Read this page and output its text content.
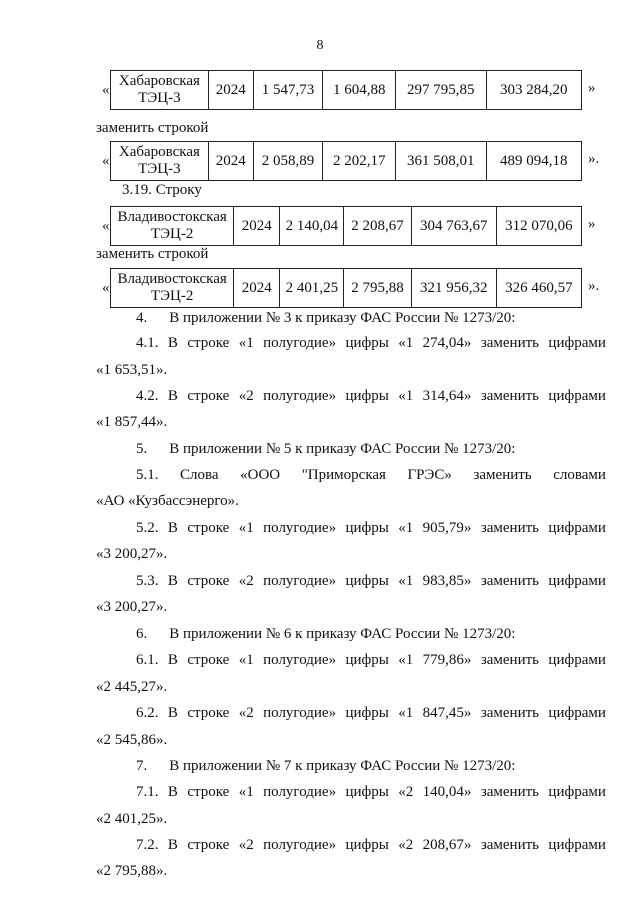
8
«
Хабаровская
ТЭЦ-3	2024	1 547,73	1 604,88	297 795,85	303 284,20 »
заменить строкой
«
Хабаровская
ТЭЦ-3	2024	2 058,89	2 202,17	361 508,01	489 094,18 ».
3.19. Строку
«
Владивостокская
ТЭЦ-2	2024	2 140,04	2 208,67	304 763,67	312 070,06 »
заменить строкой
«
Владивостокская
ТЭЦ-2	2024	2 401,25	2 795,88	321 956,32	326 460,57 ».
4. В приложении № 3 к приказу ФАС России № 1273/20:
4.1. В строке «1 полугодие» цифры «1 274,04» заменить цифрами
«1 653,51».
4.2. В строке «2 полугодие» цифры «1 314,64» заменить цифрами
«1 857,44».
5. В приложении № 5 к приказу ФАС России № 1273/20:
5.1. Слова «ООО "Приморская ГРЭС» заменить словами
«АО «Кузбассэнерго».
5.2. В строке «1 полугодие» цифры «1 905,79» заменить цифрами
«3 200,27».
5.3. В строке «2 полугодие» цифры «1 983,85» заменить цифрами
«3 200,27».
6. В приложении № 6 к приказу ФАС России № 1273/20:
6.1. В строке «1 полугодие» цифры «1 779,86» заменить цифрами
«2 445,27».
6.2. В строке «2 полугодие» цифры «1 847,45» заменить цифрами
«2 545,86».
7. В приложении № 7 к приказу ФАС России № 1273/20:
7.1. В строке «1 полугодие» цифры «2 140,04» заменить цифрами
«2 401,25».
7.2. В строке «2 полугодие» цифры «2 208,67» заменить цифрами
«2 795,88».
